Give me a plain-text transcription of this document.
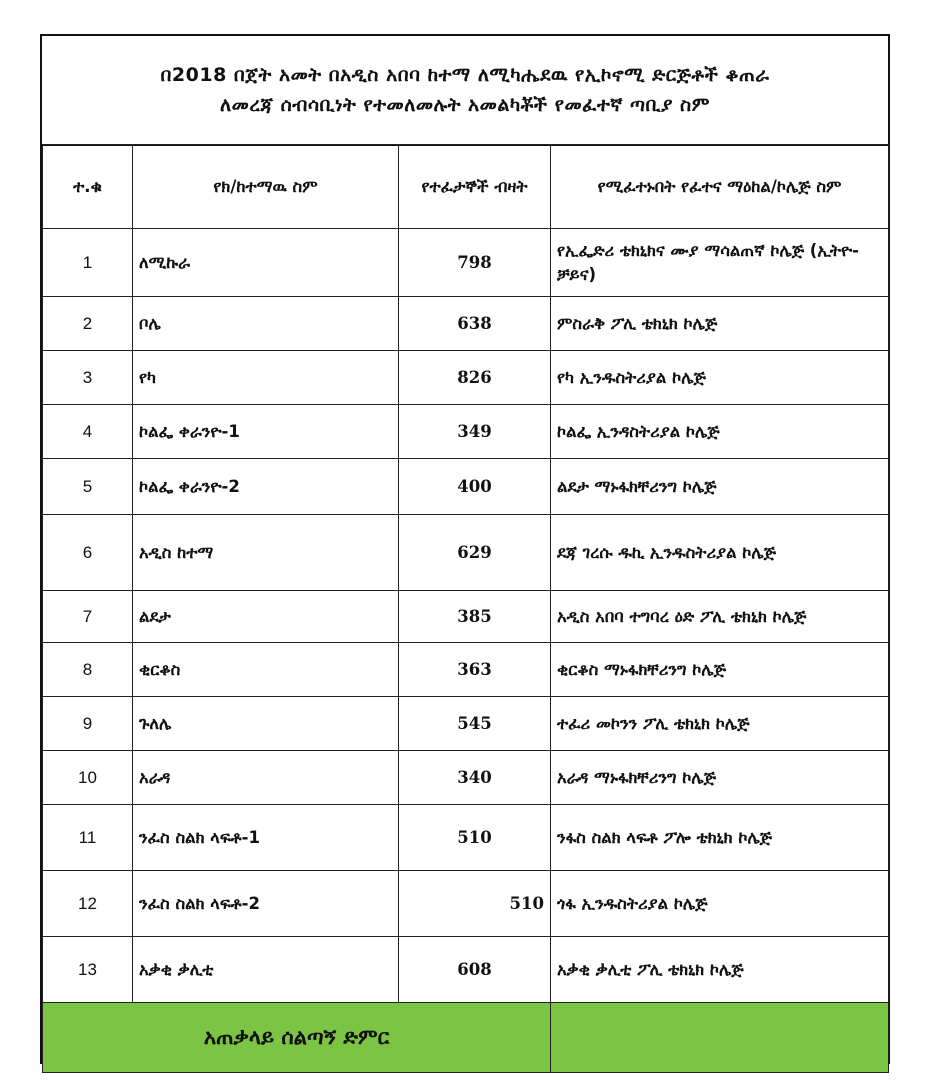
በ2018 በጀት አመት በአዲስ አበባ ከተማ ለሚካሔደዉ የኢኮኖሚ ድርጅቶች ቆጠራ
ለመረጃ ሰብሳቢነት የተመለመሉት አመልካቾች የመፈተኛ ጣቢያ ስም
ተ.ቁ	የክ/ከተማዉ ስም	የተፈታኞች ብዛት	የሚፈተኑበት የፈተና ማዕከል/ኮሌጅ ስም
1	ለሚኩራ	798	የኢፌድሪ ቴክኒክና ሙያ ማሳልጠኛ ኮሌጅ (ኢትዮ-ቻይና)
2	ቦሌ	638	ምስራቅ ፖሊ ቴክኒክ ኮሌጅ
3	የካ	826	የካ ኢንዱስትሪያል ኮሌጅ
4	ኮልፌ ቀራንዮ-1	349	ኮልፌ ኢንዳስትሪያል ኮሌጅ
5	ኮልፌ ቀራንዮ-2	400	ልደታ ማኑፋክቸሪንግ ኮሌጅ
6	አዲስ ከተማ	629	ደጃ ገረሱ ዱኪ ኢንዱስትሪያል ኮሌጅ
7	ልደታ	385	አዲስ አበባ ተግባረ ዕድ ፖሊ ቴክኒክ ኮሌጅ
8	ቂርቆስ	363	ቂርቆስ ማኑፋክቸሪንግ ኮሌጅ
9	ጉለሌ	545	ተፈሪ መኮንን ፖሊ ቴክኒክ ኮሌጅ
10	አራዳ	340	አራዳ ማኑፋክቸሪንግ ኮሌጅ
11	ንፈስ ስልክ ላፍቶ-1	510	ንፋስ ስልክ ላፍቶ ፖሎ ቴክኒክ ኮሌጅ
12	ንፈስ ስልክ ላፍቶ-2	510	ጎፋ ኢንዱስትሪያል ኮሌጅ
13	አቃቂ ቃሊቲ	608	አቃቂ ቃሊቲ ፖሊ ቴክኒክ ኮሌጅ
አጠቃላይ ሰልጣኝ ድምር			
